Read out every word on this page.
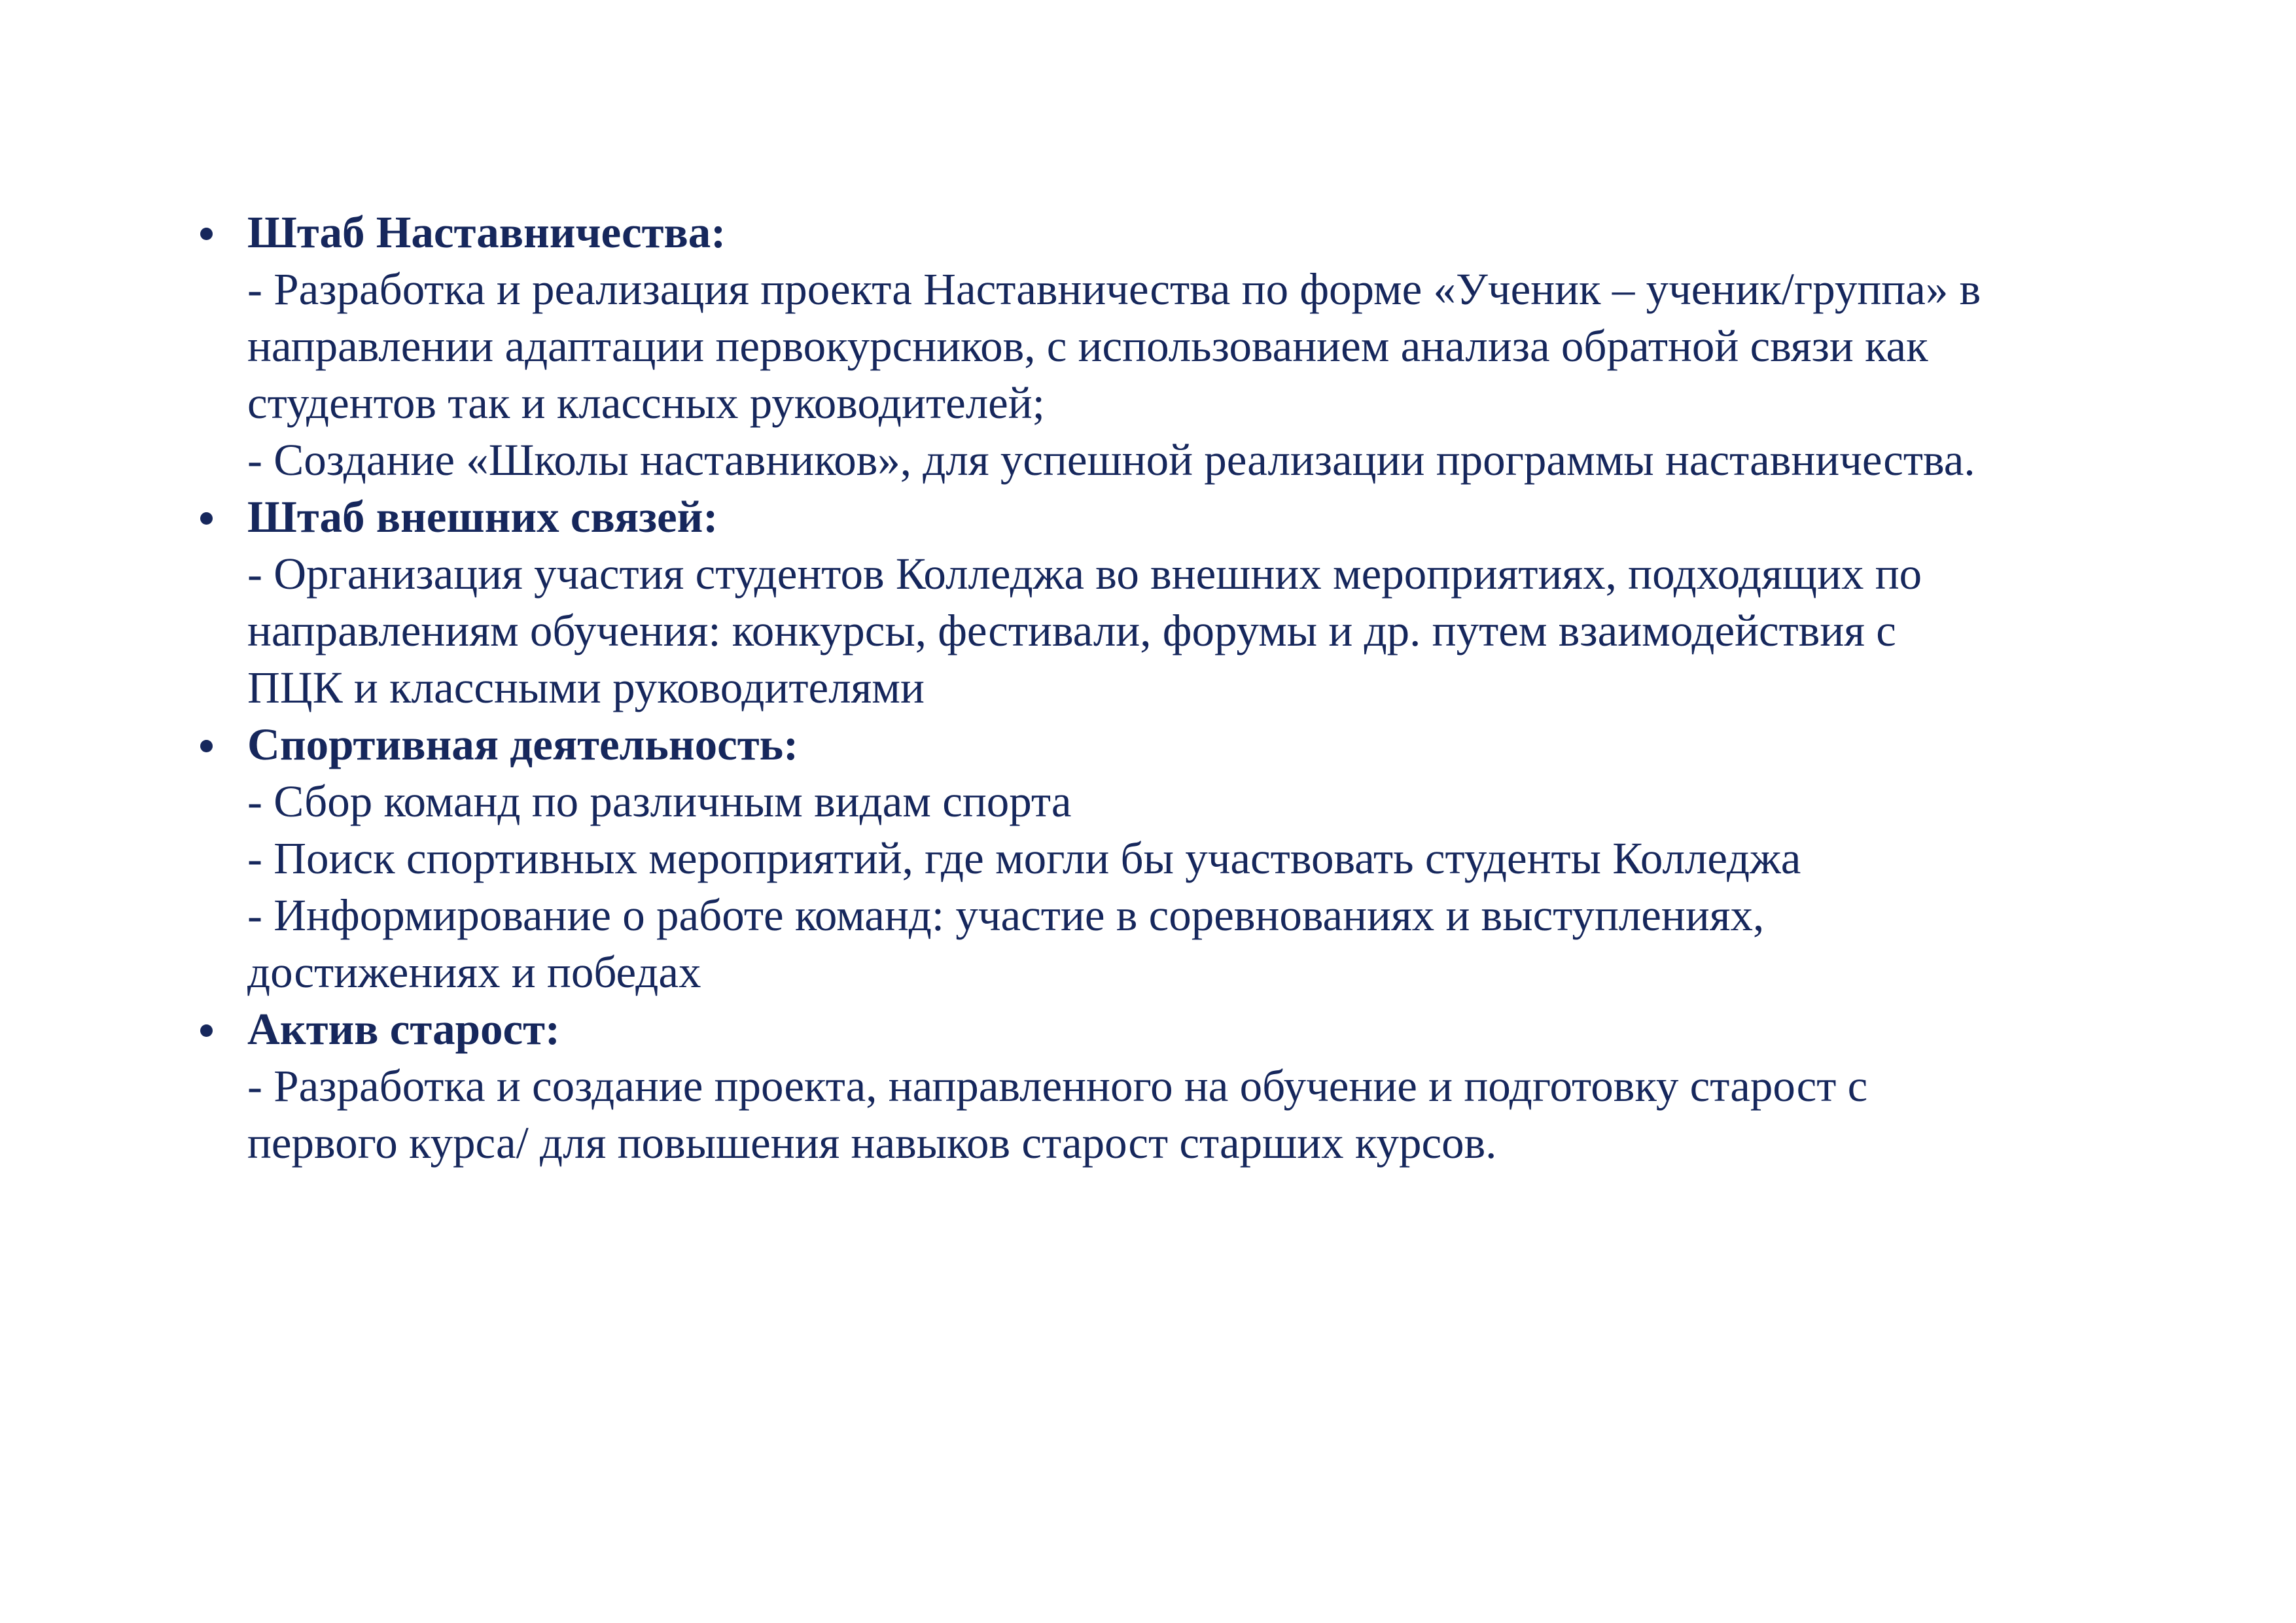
Штаб Наставничества:
- Разработка и реализация проекта Наставничества по форме «Ученик – ученик/группа» в
направлении адаптации первокурсников, с использованием анализа обратной связи как
студентов так и классных руководителей;
- Создание «Школы наставников», для успешной реализации программы наставничества.
Штаб внешних связей:
- Организация участия студентов Колледжа во внешних мероприятиях, подходящих по
направлениям обучения: конкурсы, фестивали, форумы и др. путем взаимодействия с
ПЦК и классными руководителями
Спортивная деятельность:
- Сбор команд по различным видам спорта
- Поиск спортивных мероприятий, где могли бы участвовать студенты Колледжа
- Информирование о работе команд: участие в соревнованиях и выступлениях,
достижениях и победах
Актив старост:
- Разработка и создание проекта, направленного на обучение и подготовку старост с
первого курса/ для повышения навыков старост старших курсов.
